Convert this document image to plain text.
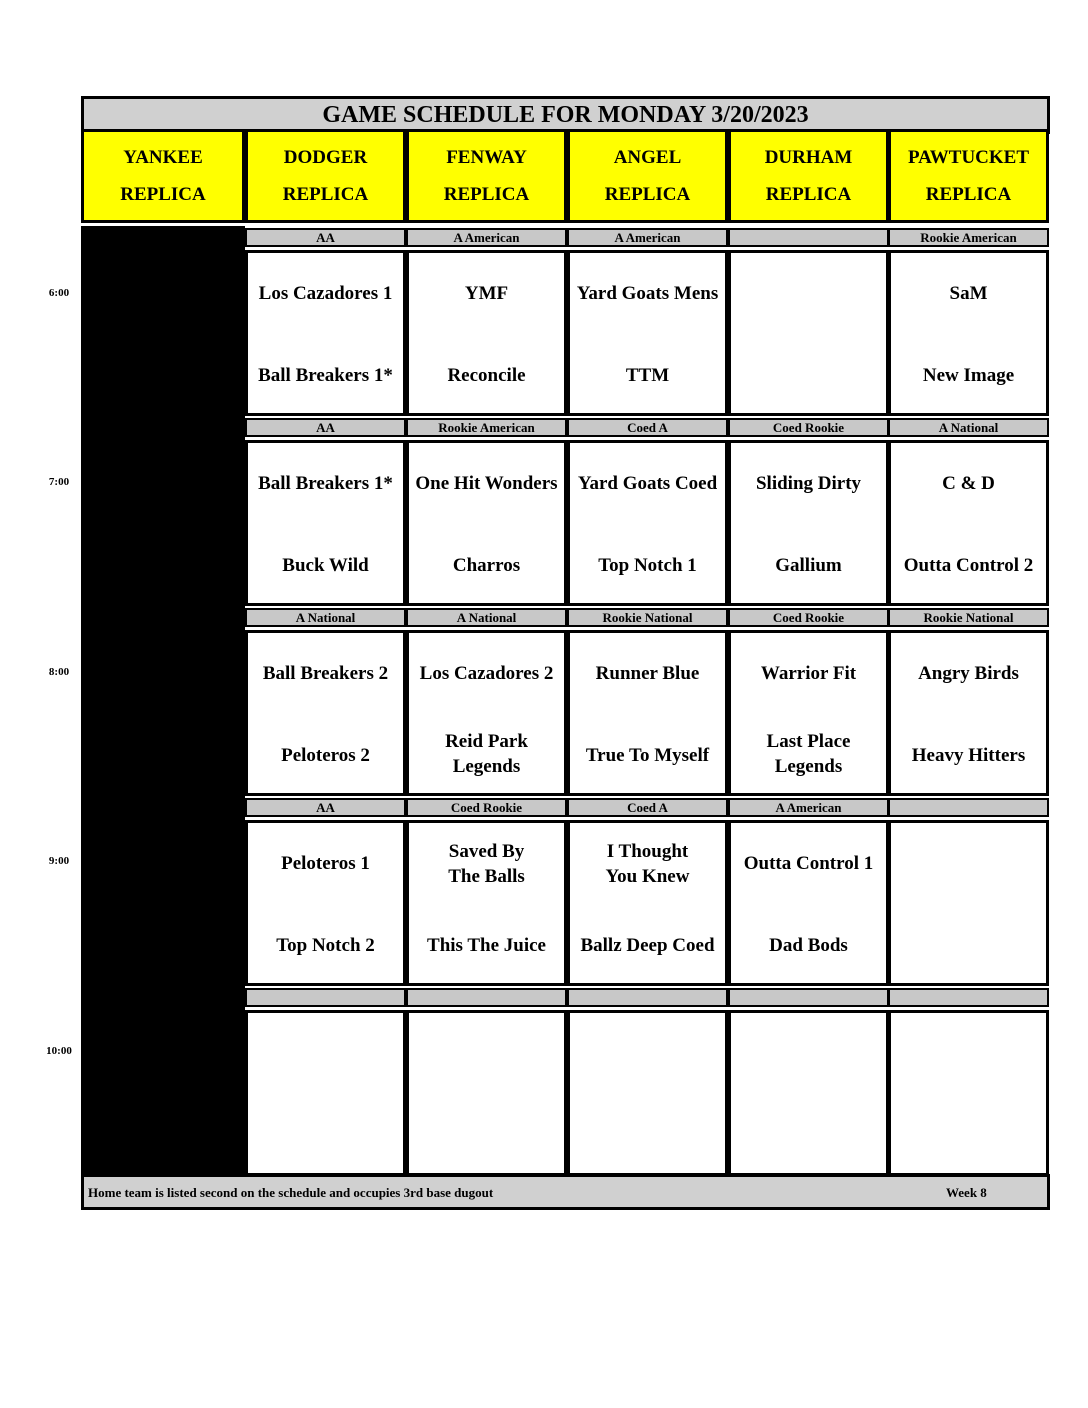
GAME SCHEDULE FOR MONDAY 3/20/2023
YANKEE
REPLICA
DODGER
REPLICA
FENWAY
REPLICA
ANGEL
REPLICA
DURHAM
REPLICA
PAWTUCKET
REPLICA
6:00
7:00
8:00
9:00
10:00
AA
Los Cazadores 1
Ball Breakers 1*
A American
YMF
Reconcile
A American
Yard Goats Mens
TTM
Rookie American
SaM
New Image
AA
Ball Breakers 1*
Buck Wild
Rookie American
One Hit Wonders
Charros
Coed A
Yard Goats Coed
Top Notch 1
Coed Rookie
Sliding Dirty
Gallium
A National
C & D
Outta Control 2
A National
Ball Breakers 2
Peloteros 2
A National
Los Cazadores 2
Reid Park Legends
Rookie National
Runner Blue
True To Myself
Coed Rookie
Warrior Fit
Last Place Legends
Rookie National
Angry Birds
Heavy Hitters
AA
Peloteros 1
Top Notch 2
Coed Rookie
Saved By The Balls
This The Juice
Coed A
I Thought You Knew
Ballz Deep Coed
A American
Outta Control 1
Dad Bods
Home team is listed second on the schedule and occupies 3rd base dugout	Week 8
